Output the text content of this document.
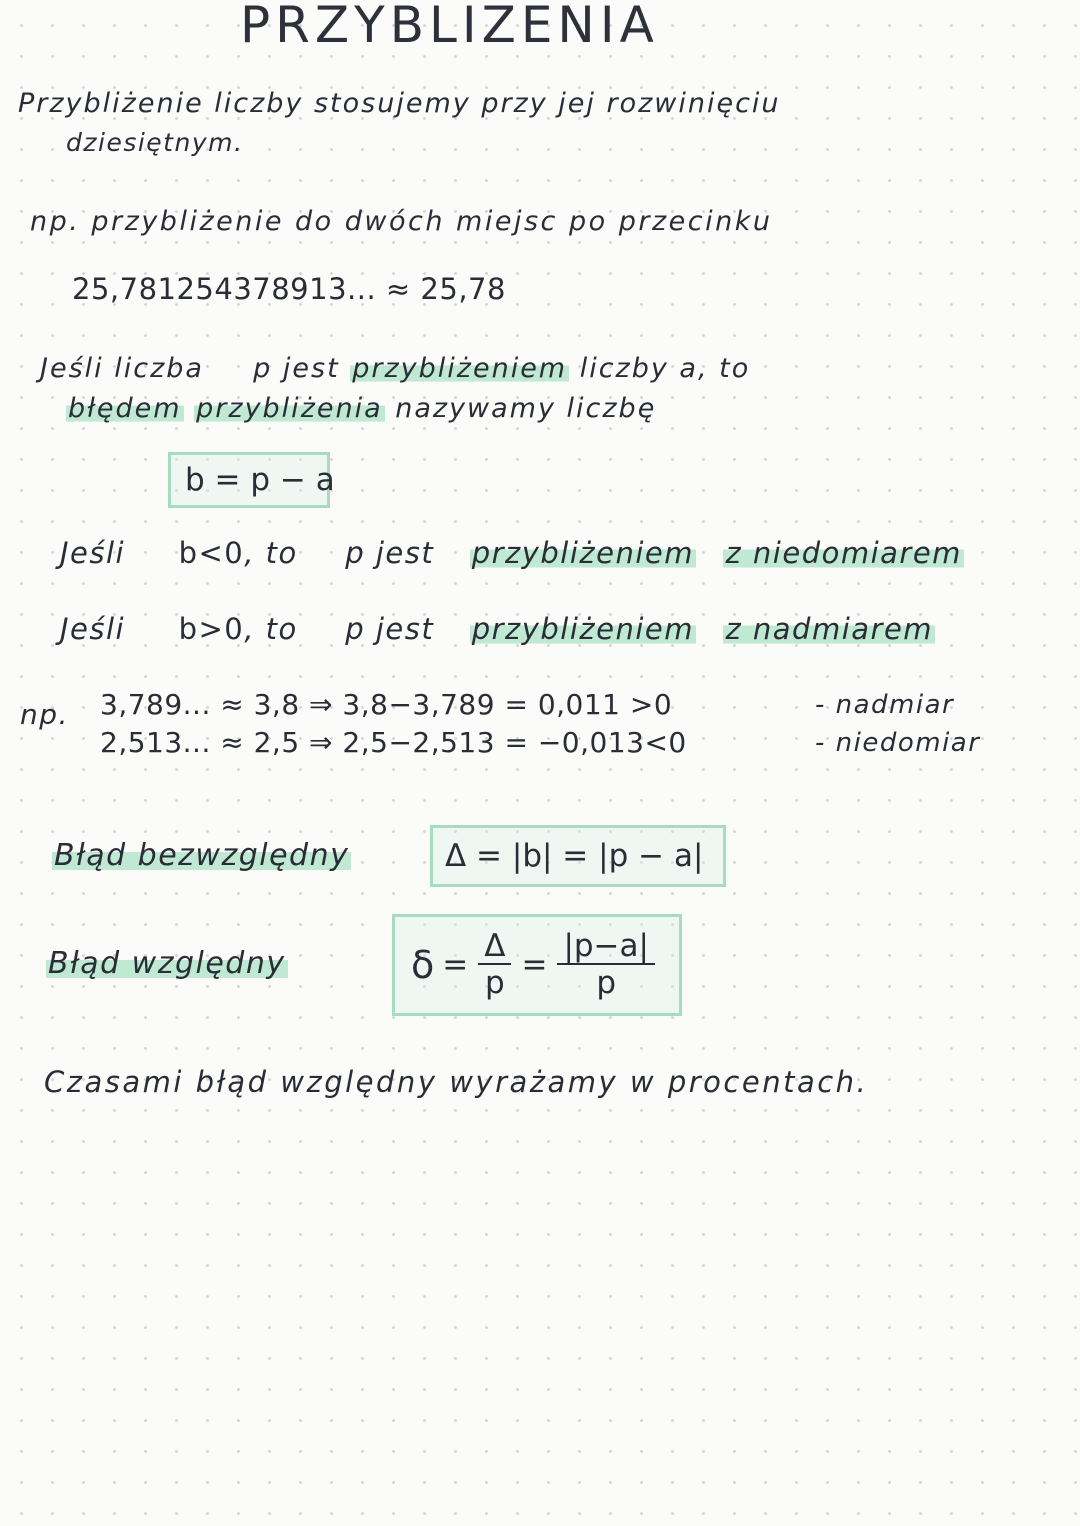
PRZYBLIZENIA
Przybliżenie liczby stosujemy przy jej rozwinięciu
dziesiętnym.
np. przybliżenie do dwóch miejsc po przecinku
25,781254378913... ≈ 25,78
Jeśli liczba p jest przybliżeniem liczby a, to
błędem przybliżenia nazywamy liczbę
b = p − a
Jeśli b<0, to p jest przybliżeniem z niedomiarem
Jeśli b>0, to p jest przybliżeniem z nadmiarem
np. 3,789... ≈ 3,8 ⇒ 3,8−3,789 = 0,011 >0	- nadmiar
2,513... ≈ 2,5 ⇒ 2,5−2,513 = −0,013<0	- niedomiar
Błąd bezwzględny	Δ = |b| = |p − a|
Błąd względny	$\delta = \frac{\Delta}{p} = \frac{|p-a|}{p}$
Czasami błąd względny wyrażamy w procentach.
